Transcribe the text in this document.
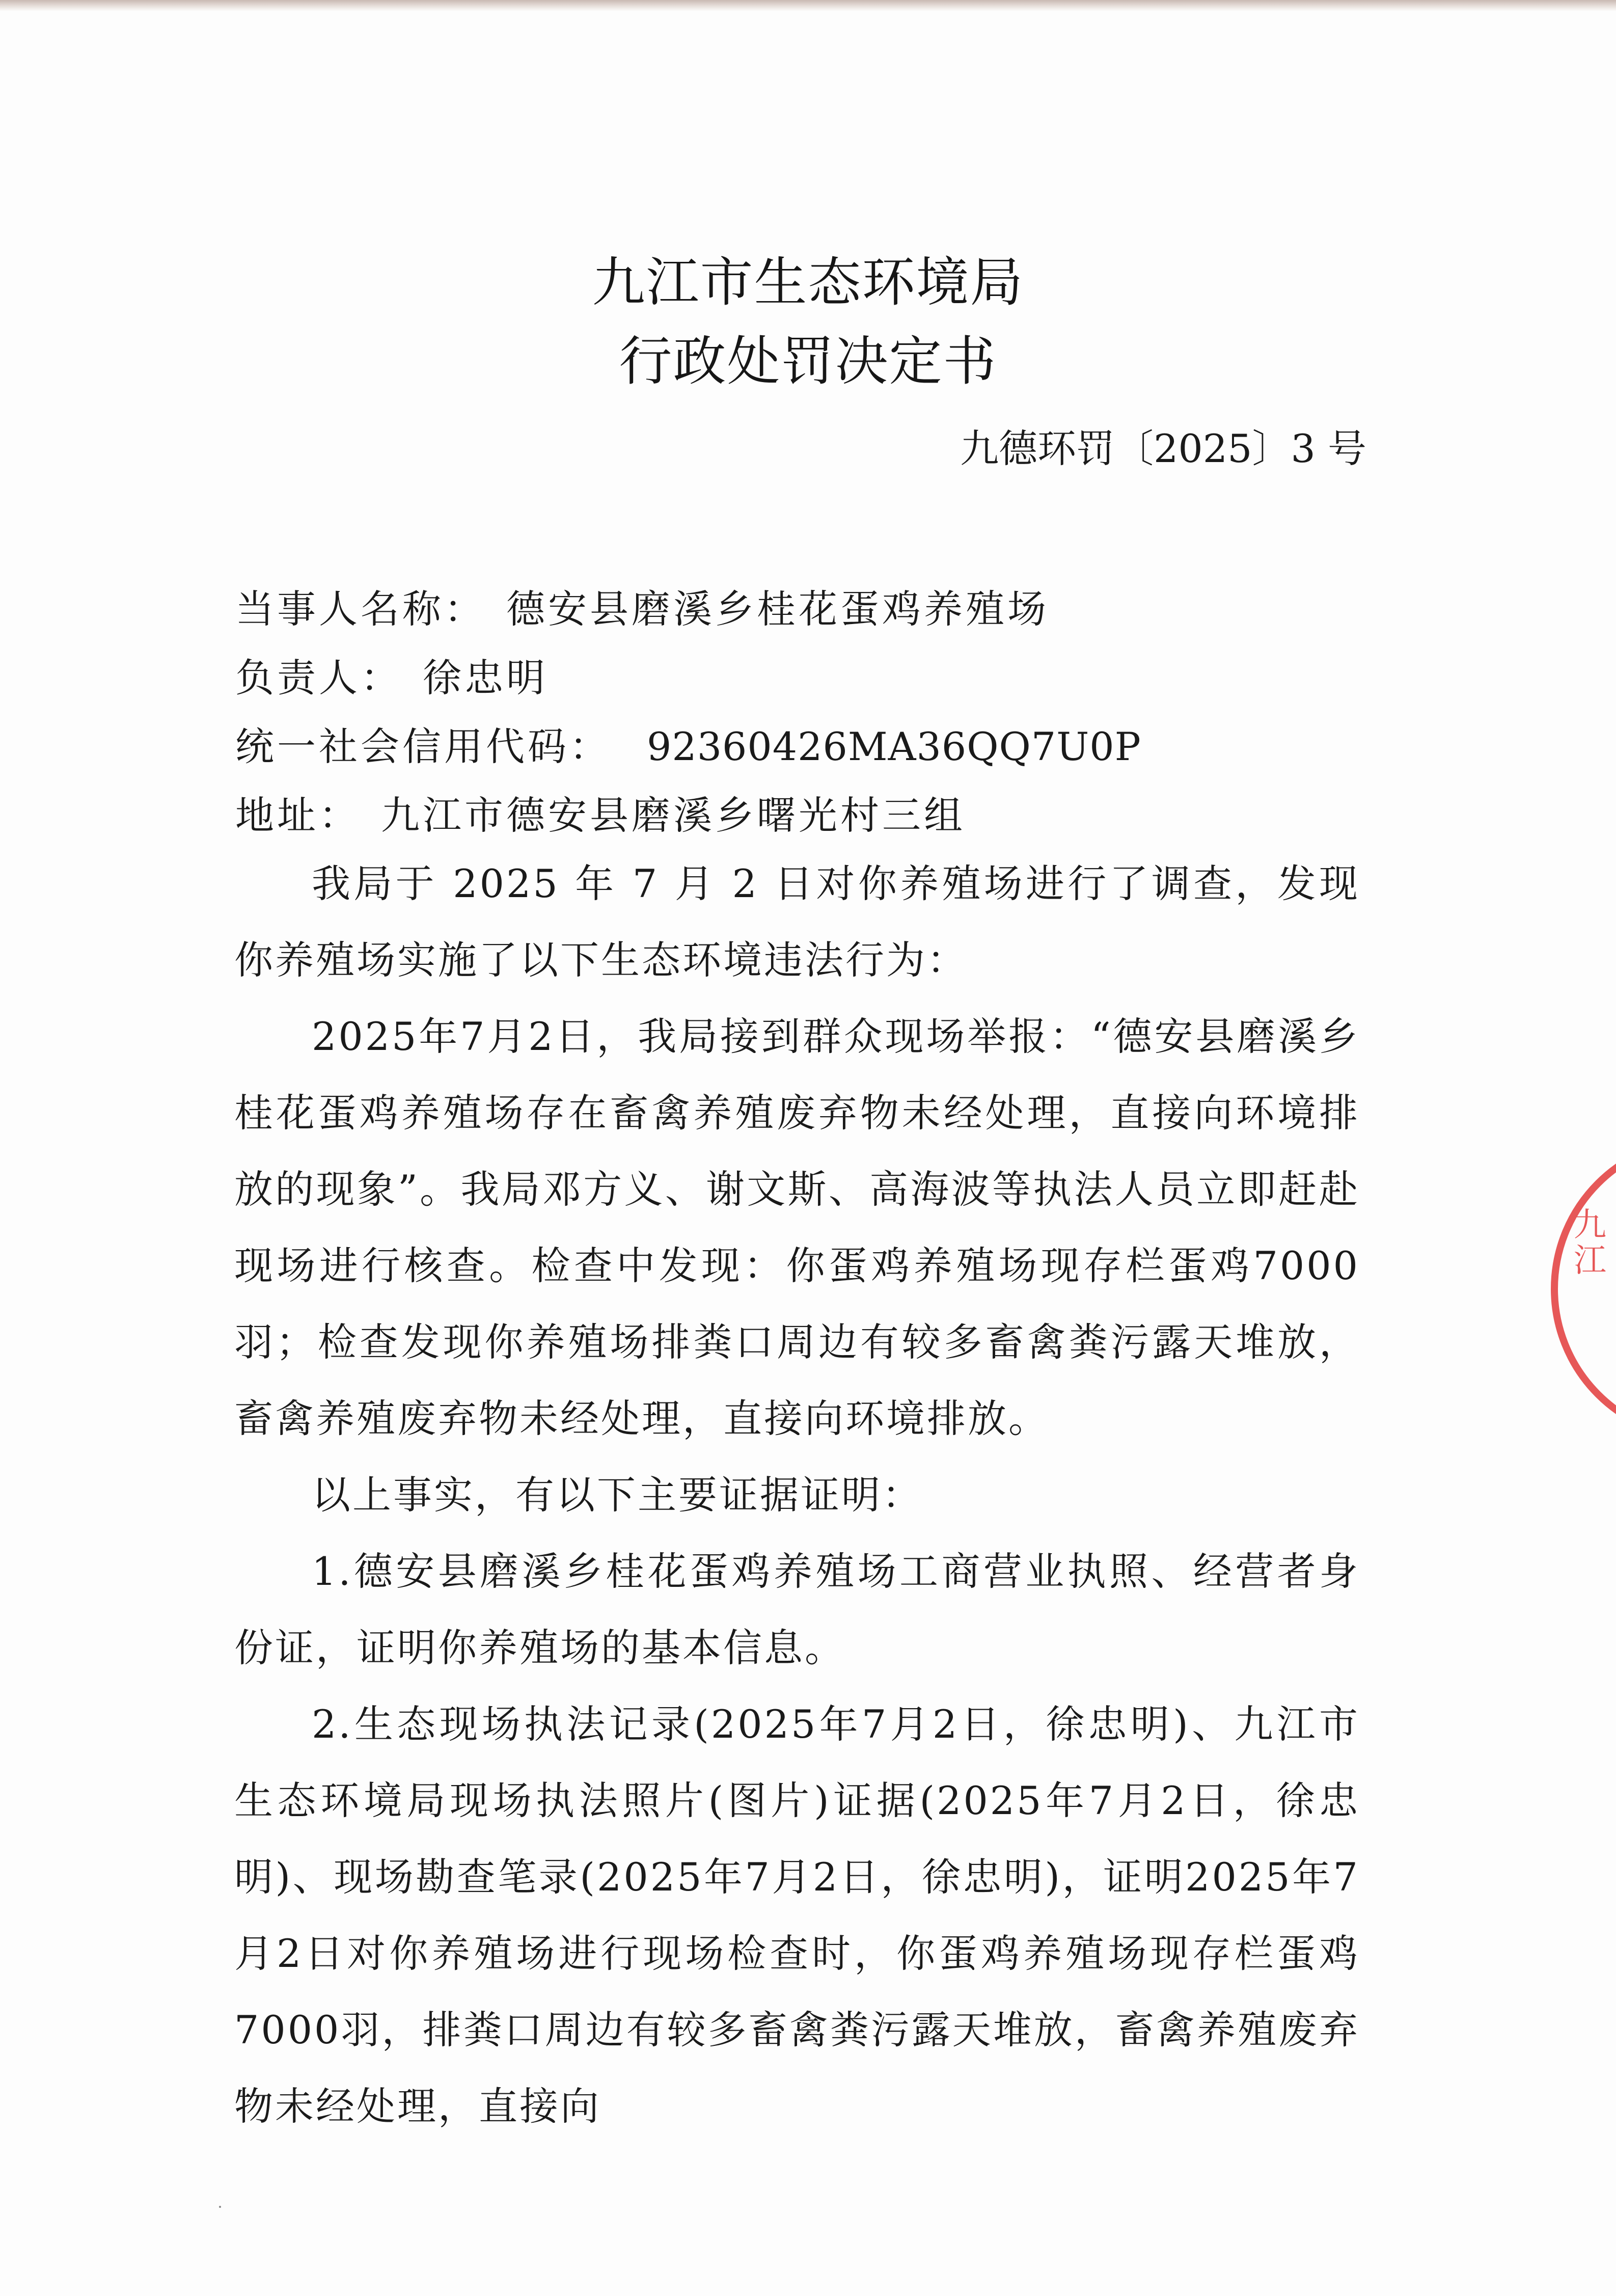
九江市生态环境局
行政处罚决定书
九德环罚〔2025〕3 号
当事人名称： 德安县磨溪乡桂花蛋鸡养殖场
负责人： 徐忠明
统一社会信用代码： 92360426MA36QQ7U0P
地址： 九江市德安县磨溪乡曙光村三组

我局于 2025 年 7 月 2 日对你养殖场进行了调查，发现你养殖场实施了以下生态环境违法行为：

2025年7月2日，我局接到群众现场举报：“德安县磨溪乡桂花蛋鸡养殖场存在畜禽养殖废弃物未经处理，直接向环境排放的现象”。我局邓方义、谢文斯、高海波等执法人员立即赶赴现场进行核查。检查中发现：你蛋鸡养殖场现存栏蛋鸡7000羽；检查发现你养殖场排粪口周边有较多畜禽粪污露天堆放，畜禽养殖废弃物未经处理，直接向环境排放。

以上事实，有以下主要证据证明：

1.德安县磨溪乡桂花蛋鸡养殖场工商营业执照、经营者身份证，证明你养殖场的基本信息。

2.生态现场执法记录(2025年7月2日，徐忠明)、九江市生态环境局现场执法照片(图片)证据(2025年7月2日，徐忠明)、现场勘查笔录(2025年7月2日，徐忠明)，证明2025年7月2日对你养殖场进行现场检查时，你蛋鸡养殖场现存栏蛋鸡7000羽，排粪口周边有较多畜禽粪污露天堆放，畜禽养殖废弃物未经处理，直接向

九江
